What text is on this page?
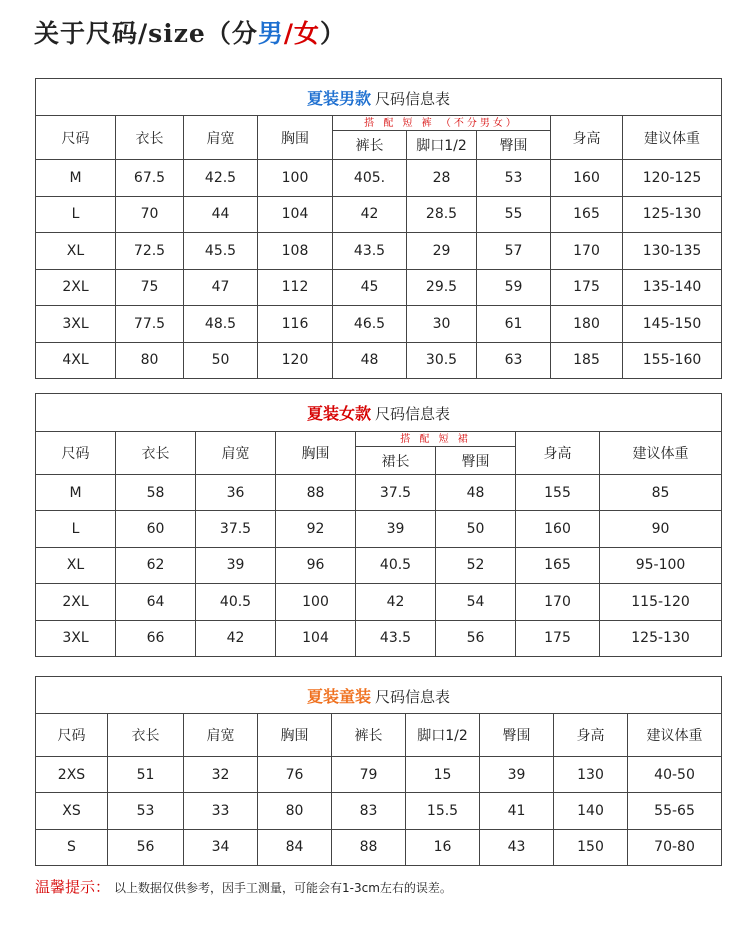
关于尺码/size（分男/女）
夏装男款 尺码信息表								
尺码	衣长	肩宽	胸围	搭 配 短 裤 （不分男女）			身高	建议体重
				裤长	脚口1/2	臀围		
M	67.5	42.5	100	405.	28	53	160	120-125
L	70	44	104	42	28.5	55	165	125-130
XL	72.5	45.5	108	43.5	29	57	170	130-135
2XL	75	47	112	45	29.5	59	175	135-140
3XL	77.5	48.5	116	46.5	30	61	180	145-150
4XL	80	50	120	48	30.5	63	185	155-160
夏装女款 尺码信息表							
尺码	衣长	肩宽	胸围	搭 配 短 裙		身高	建议体重
				裙长	臀围		
M	58	36	88	37.5	48	155	85
L	60	37.5	92	39	50	160	90
XL	62	39	96	40.5	52	165	95-100
2XL	64	40.5	100	42	54	170	115-120
3XL	66	42	104	43.5	56	175	125-130
夏装童装 尺码信息表								
尺码	衣长	肩宽	胸围	裤长	脚口1/2	臀围	身高	建议体重
2XS	51	32	76	79	15	39	130	40-50
XS	53	33	80	83	15.5	41	140	55-65
S	56	34	84	88	16	43	150	70-80
温馨提示： 以上数据仅供参考，因手工测量，可能会有1-3cm左右的误差。
